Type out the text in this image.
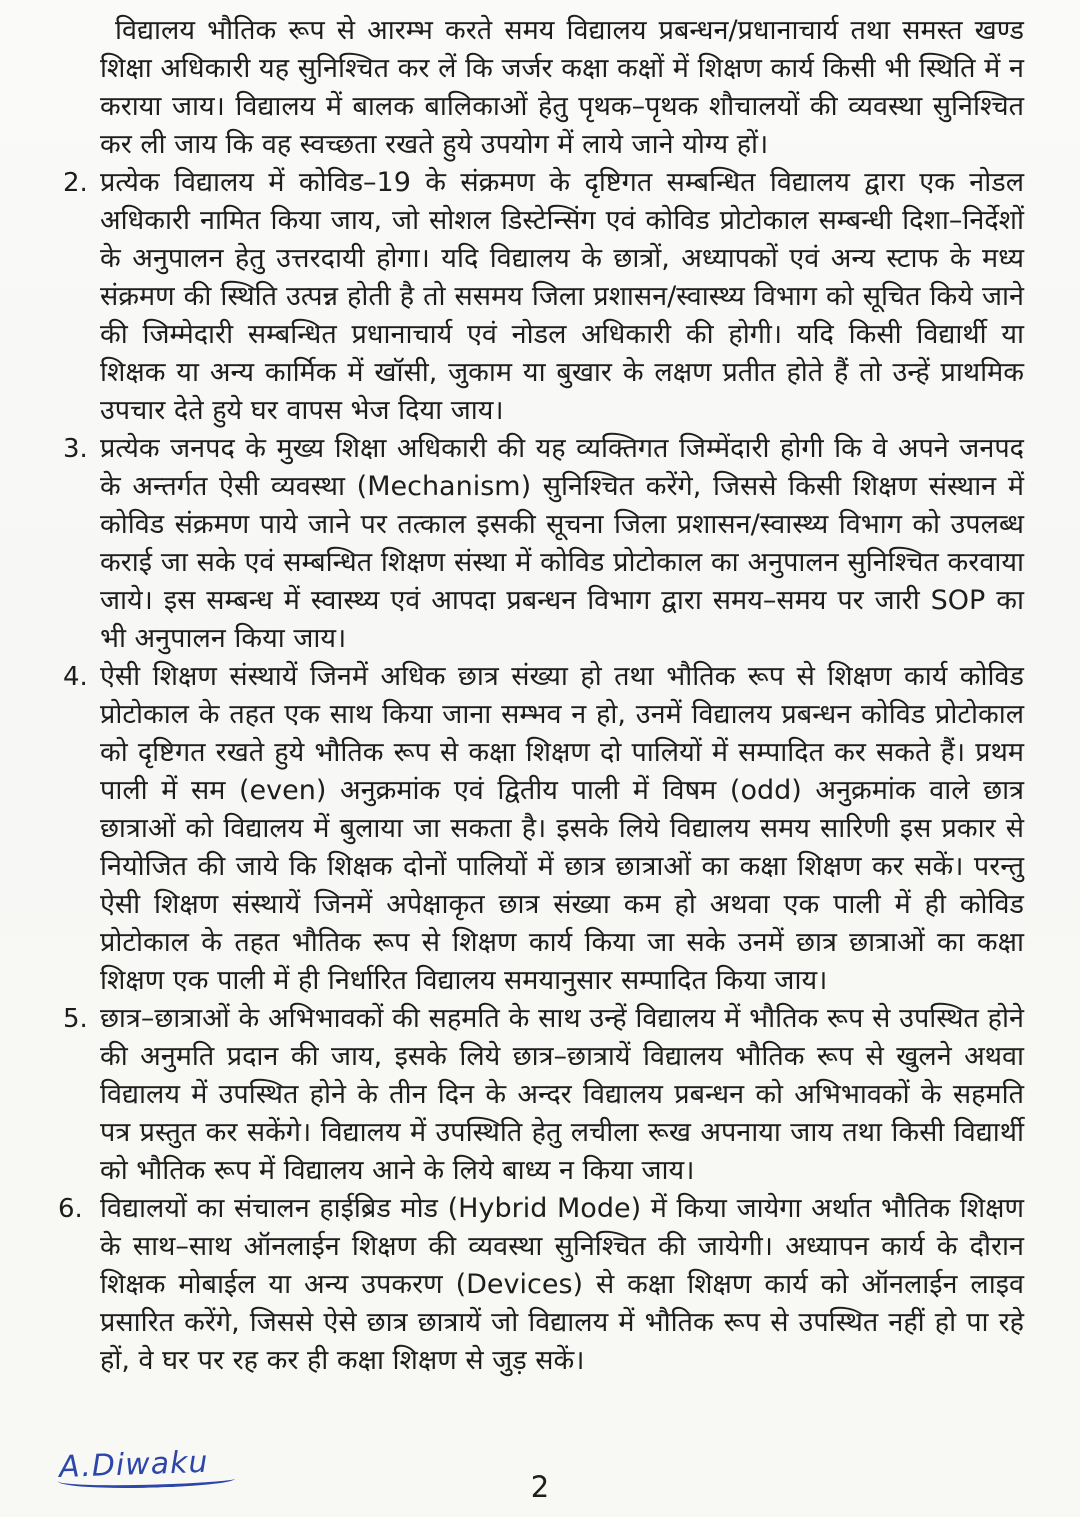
विद्यालय भौतिक रूप से आरम्भ करते समय विद्यालय प्रबन्धन/प्रधानाचार्य तथा समस्त खण्ड शिक्षा अधिकारी यह सुनिश्चित कर लें कि जर्जर कक्षा कक्षों में शिक्षण कार्य किसी भी स्थिति में न कराया जाय। विद्यालय में बालक बालिकाओं हेतु पृथक–पृथक शौचालयों की व्यवस्था सुनिश्चित कर ली जाय कि वह स्वच्छता रखते हुये उपयोग में लाये जाने योग्य हों।

2. प्रत्येक विद्यालय में कोविड–19 के संक्रमण के दृष्टिगत सम्बन्धित विद्यालय द्वारा एक नोडल अधिकारी नामित किया जाय, जो सोशल डिस्टेन्सिंग एवं कोविड प्रोटोकाल सम्बन्धी दिशा–निर्देशों के अनुपालन हेतु उत्तरदायी होगा। यदि विद्यालय के छात्रों, अध्यापकों एवं अन्य स्टाफ के मध्य संक्रमण की स्थिति उत्पन्न होती है तो ससमय जिला प्रशासन/स्वास्थ्य विभाग को सूचित किये जाने की जिम्मेदारी सम्बन्धित प्रधानाचार्य एवं नोडल अधिकारी की होगी। यदि किसी विद्यार्थी या शिक्षक या अन्य कार्मिक में खॉसी, जुकाम या बुखार के लक्षण प्रतीत होते हैं तो उन्हें प्राथमिक उपचार देते हुये घर वापस भेज दिया जाय।
3. प्रत्येक जनपद के मुख्य शिक्षा अधिकारी की यह व्यक्तिगत जिम्मेंदारी होगी कि वे अपने जनपद के अन्तर्गत ऐसी व्यवस्था (Mechanism) सुनिश्चित करेंगे, जिससे किसी शिक्षण संस्थान में कोविड संक्रमण पाये जाने पर तत्काल इसकी सूचना जिला प्रशासन/स्वास्थ्य विभाग को उपलब्ध कराई जा सके एवं सम्बन्धित शिक्षण संस्था में कोविड प्रोटोकाल का अनुपालन सुनिश्चित करवाया जाये। इस सम्बन्ध में स्वास्थ्य एवं आपदा प्रबन्धन विभाग द्वारा समय–समय पर जारी SOP का भी अनुपालन किया जाय।
4. ऐसी शिक्षण संस्थायें जिनमें अधिक छात्र संख्या हो तथा भौतिक रूप से शिक्षण कार्य कोविड प्रोटोकाल के तहत एक साथ किया जाना सम्भव न हो, उनमें विद्यालय प्रबन्धन कोविड प्रोटोकाल को दृष्टिगत रखते हुये भौतिक रूप से कक्षा शिक्षण दो पालियों में सम्पादित कर सकते हैं। प्रथम पाली में सम (even) अनुक्रमांक एवं द्वितीय पाली में विषम (odd) अनुक्रमांक वाले छात्र छात्राओं को विद्यालय में बुलाया जा सकता है। इसके लिये विद्यालय समय सारिणी इस प्रकार से नियोजित की जाये कि शिक्षक दोनों पालियों में छात्र छात्राओं का कक्षा शिक्षण कर सकें। परन्तु ऐसी शिक्षण संस्थायें जिनमें अपेक्षाकृत छात्र संख्या कम हो अथवा एक पाली में ही कोविड प्रोटोकाल के तहत भौतिक रूप से शिक्षण कार्य किया जा सके उनमें छात्र छात्राओं का कक्षा शिक्षण एक पाली में ही निर्धारित विद्यालय समयानुसार सम्पादित किया जाय।
5. छात्र–छात्राओं के अभिभावकों की सहमति के साथ उन्हें विद्यालय में भौतिक रूप से उपस्थित होने की अनुमति प्रदान की जाय, इसके लिये छात्र–छात्रायें विद्यालय भौतिक रूप से खुलने अथवा विद्यालय में उपस्थित होने के तीन दिन के अन्दर विद्यालय प्रबन्धन को अभिभावकों के सहमति पत्र प्रस्तुत कर सकेंगे। विद्यालय में उपस्थिति हेतु लचीला रूख अपनाया जाय तथा किसी विद्यार्थी को भौतिक रूप में विद्यालय आने के लिये बाध्य न किया जाय।
6. विद्यालयों का संचालन हाईब्रिड मोड (Hybrid Mode) में किया जायेगा अर्थात भौतिक शिक्षण के साथ–साथ ऑनलाईन शिक्षण की व्यवस्था सुनिश्चित की जायेगी। अध्यापन कार्य के दौरान शिक्षक मोबाईल या अन्य उपकरण (Devices) से कक्षा शिक्षण कार्य को ऑनलाईन लाइव प्रसारित करेंगे, जिससे ऐसे छात्र छात्रायें जो विद्यालय में भौतिक रूप से उपस्थित नहीं हो पा रहे हों, वे घर पर रह कर ही कक्षा शिक्षण से जुड़ सकें।
A.Diwaku
2
